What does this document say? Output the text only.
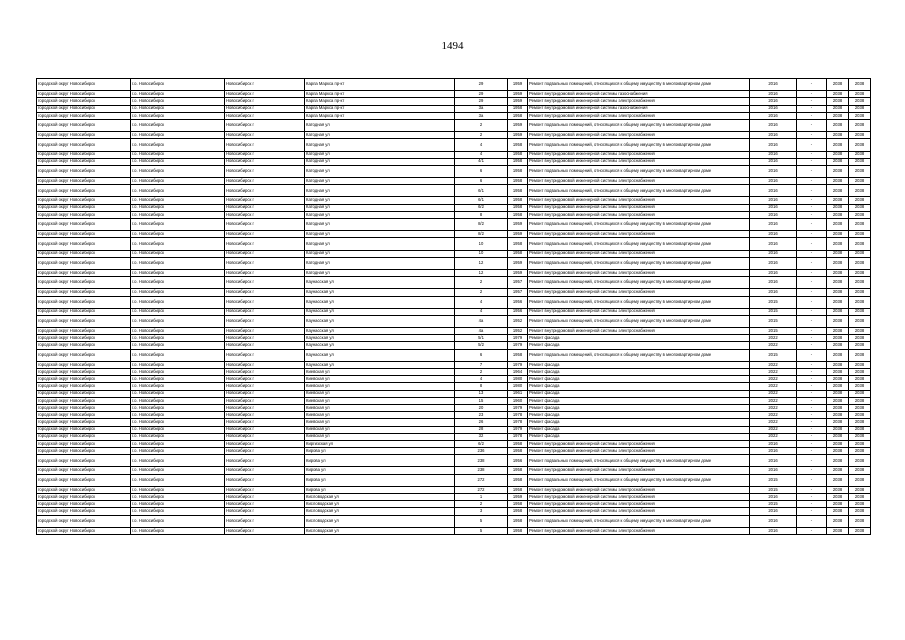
1494
городской округ Новосибирск	г.о. Новосибирск	Новосибирск г	Карла Маркса пр-кт	29	1959	Ремонт подвальных помещений, относящихся к общему имуществу в многоквартирном доме	2016	-	2038	2038
городской округ Новосибирск	г.о. Новосибирск	Новосибирск г	Карла Маркса пр-кт	29	1959	Ремонт внутридомовой инженерной системы газоснабжения	2016	-	2038	2038
городской округ Новосибирск	г.о. Новосибирск	Новосибирск г	Карла Маркса пр-кт	29	1959	Ремонт внутридомовой инженерной системы электроснабжения	2016	-	2038	2038
городской округ Новосибирск	г.о. Новосибирск	Новосибирск г	Карла Маркса пр-кт	3а	1958	Ремонт внутридомовой инженерной системы газоснабжения	2016	-	2038	2038
городской округ Новосибирск	г.о. Новосибирск	Новосибирск г	Карла Маркса пр-кт	3а	1958	Ремонт внутридомовой инженерной системы электроснабжения	2016	-	2038	2038
городской округ Новосибирск	г.о. Новосибирск	Новосибирск г	Катодная ул	2	1959	Ремонт подвальных помещений, относящихся к общему имуществу в многоквартирном доме	2016	-	2038	2038
городской округ Новосибирск	г.о. Новосибирск	Новосибирск г	Катодная ул	2	1959	Ремонт внутридомовой инженерной системы электроснабжения	2016	-	2038	2038
городской округ Новосибирск	г.о. Новосибирск	Новосибирск г	Катодная ул	4	1958	Ремонт подвальных помещений, относящихся к общему имуществу в многоквартирном доме	2016	-	2038	2038
городской округ Новосибирск	г.о. Новосибирск	Новосибирск г	Катодная ул	4	1958	Ремонт внутридомовой инженерной системы электроснабжения	2016	-	2038	2038
городской округ Новосибирск	г.о. Новосибирск	Новосибирск г	Катодная ул	4/1	1958	Ремонт внутридомовой инженерной системы электроснабжения	2016	-	2038	2038
городской округ Новосибирск	г.о. Новосибирск	Новосибирск г	Катодная ул	6	1958	Ремонт подвальных помещений, относящихся к общему имуществу в многоквартирном доме	2016	-	2038	2038
городской округ Новосибирск	г.о. Новосибирск	Новосибирск г	Катодная ул	6	1958	Ремонт внутридомовой инженерной системы электроснабжения	2016	-	2038	2038
городской округ Новосибирск	г.о. Новосибирск	Новосибирск г	Катодная ул	6/1	1958	Ремонт подвальных помещений, относящихся к общему имуществу в многоквартирном доме	2016	-	2038	2038
городской округ Новосибирск	г.о. Новосибирск	Новосибирск г	Катодная ул	6/1	1958	Ремонт внутридомовой инженерной системы электроснабжения	2016	-	2038	2038
городской округ Новосибирск	г.о. Новосибирск	Новосибирск г	Катодная ул	6/2	1958	Ремонт внутридомовой инженерной системы электроснабжения	2016	-	2038	2038
городской округ Новосибирск	г.о. Новосибирск	Новосибирск г	Катодная ул	8	1958	Ремонт внутридомовой инженерной системы электроснабжения	2016	-	2038	2038
городской округ Новосибирск	г.о. Новосибирск	Новосибирск г	Катодная ул	8/2	1959	Ремонт подвальных помещений, относящихся к общему имуществу в многоквартирном доме	2016	-	2038	2038
городской округ Новосибирск	г.о. Новосибирск	Новосибирск г	Катодная ул	8/2	1959	Ремонт внутридомовой инженерной системы электроснабжения	2016	-	2038	2038
городской округ Новосибирск	г.о. Новосибирск	Новосибирск г	Катодная ул	10	1958	Ремонт подвальных помещений, относящихся к общему имуществу в многоквартирном доме	2016	-	2038	2038
городской округ Новосибирск	г.о. Новосибирск	Новосибирск г	Катодная ул	10	1958	Ремонт внутридомовой инженерной системы электроснабжения	2016	-	2038	2038
городской округ Новосибирск	г.о. Новосибирск	Новосибирск г	Катодная ул	12	1959	Ремонт подвальных помещений, относящихся к общему имуществу в многоквартирном доме	2016	-	2038	2038
городской округ Новосибирск	г.о. Новосибирск	Новосибирск г	Катодная ул	12	1959	Ремонт внутридомовой инженерной системы электроснабжения	2016	-	2038	2038
городской округ Новосибирск	г.о. Новосибирск	Новосибирск г	Каунасская ул	2	1957	Ремонт подвальных помещений, относящихся к общему имуществу в многоквартирном доме	2016	-	2038	2038
городской округ Новосибирск	г.о. Новосибирск	Новосибирск г	Каунасская ул	2	1957	Ремонт внутридомовой инженерной системы электроснабжения	2016	-	2038	2038
городской округ Новосибирск	г.о. Новосибирск	Новосибирск г	Каунасская ул	4	1956	Ремонт подвальных помещений, относящихся к общему имуществу в многоквартирном доме	2015	-	2038	2038
городской округ Новосибирск	г.о. Новосибирск	Новосибирск г	Каунасская ул	4	1956	Ремонт внутридомовой инженерной системы электроснабжения	2015	-	2038	2038
городской округ Новосибирск	г.о. Новосибирск	Новосибирск г	Каунасская ул	4а	1952	Ремонт подвальных помещений, относящихся к общему имуществу в многоквартирном доме	2015	-	2038	2038
городской округ Новосибирск	г.о. Новосибирск	Новосибирск г	Каунасская ул	4а	1952	Ремонт внутридомовой инженерной системы электроснабжения	2015	-	2038	2038
городской округ Новосибирск	г.о. Новосибирск	Новосибирск г	Каунасская ул	5/1	1979	Ремонт фасада	2022	-	2038	2038
городской округ Новосибирск	г.о. Новосибирск	Новосибирск г	Каунасская ул	5/2	1979	Ремонт фасада	2022	-	2038	2038
городской округ Новосибирск	г.о. Новосибирск	Новосибирск г	Каунасская ул	6	1958	Ремонт подвальных помещений, относящихся к общему имуществу в многоквартирном доме	2015	-	2038	2038
городской округ Новосибирск	г.о. Новосибирск	Новосибирск г	Каунасская ул	7	1979	Ремонт фасада	2022	-	2038	2038
городской округ Новосибирск	г.о. Новосибирск	Новосибирск г	Киевская ул	2	1964	Ремонт фасада	2022	-	2038	2038
городской округ Новосибирск	г.о. Новосибирск	Новосибирск г	Киевская ул	4	1980	Ремонт фасада	2022	-	2038	2038
городской округ Новосибирск	г.о. Новосибирск	Новосибирск г	Киевская ул	8	1980	Ремонт фасада	2022	-	2038	2038
городской округ Новосибирск	г.о. Новосибирск	Новосибирск г	Киевская ул	13	1961	Ремонт фасада	2022	-	2038	2038
городской округ Новосибирск	г.о. Новосибирск	Новосибирск г	Киевская ул	15	1960	Ремонт фасада	2022	-	2038	2038
городской округ Новосибирск	г.о. Новосибирск	Новосибирск г	Киевская ул	20	1979	Ремонт фасада	2022	-	2038	2038
городской округ Новосибирск	г.о. Новосибирск	Новосибирск г	Киевская ул	23	1978	Ремонт фасада	2022	-	2038	2038
городской округ Новосибирск	г.о. Новосибирск	Новосибирск г	Киевская ул	26	1978	Ремонт фасада	2022	-	2038	2038
городской округ Новосибирск	г.о. Новосибирск	Новосибирск г	Киевская ул	28	1979	Ремонт фасада	2022	-	2038	2038
городской округ Новосибирск	г.о. Новосибирск	Новосибирск г	Киевская ул	32	1978	Ремонт фасада	2022	-	2038	2038
городской округ Новосибирск	г.о. Новосибирск	Новосибирск г	Киргизская ул	6/2	1958	Ремонт внутридомовой инженерной системы электроснабжения	2016	-	2038	2038
городской округ Новосибирск	г.о. Новосибирск	Новосибирск г	Кирова ул	236	1958	Ремонт внутридомовой инженерной системы электроснабжения	2016	-	2038	2038
городской округ Новосибирск	г.о. Новосибирск	Новосибирск г	Кирова ул	238	1956	Ремонт подвальных помещений, относящихся к общему имуществу в многоквартирном доме	2016	-	2038	2038
городской округ Новосибирск	г.о. Новосибирск	Новосибирск г	Кирова ул	238	1958	Ремонт внутридомовой инженерной системы электроснабжения	2016	-	2038	2038
городской округ Новосибирск	г.о. Новосибирск	Новосибирск г	Кирова ул	272	1958	Ремонт подвальных помещений, относящихся к общему имуществу в многоквартирном доме	2015	-	2038	2038
городской округ Новосибирск	г.о. Новосибирск	Новосибирск г	Кирова ул	272	1958	Ремонт внутридомовой инженерной системы электроснабжения	2015	-	2038	2038
городской округ Новосибирск	г.о. Новосибирск	Новосибирск г	Кисловодская ул	1	1959	Ремонт внутридомовой инженерной системы электроснабжения	2016	-	2038	2038
городской округ Новосибирск	г.о. Новосибирск	Новосибирск г	Кисловодская ул	2	1958	Ремонт внутридомовой инженерной системы электроснабжения	2015	-	2038	2038
городской округ Новосибирск	г.о. Новосибирск	Новосибирск г	Кисловодская ул	3	1958	Ремонт внутридомовой инженерной системы электроснабжения	2016	-	2038	2038
городской округ Новосибирск	г.о. Новосибирск	Новосибирск г	Кисловодская ул	5	1958	Ремонт подвальных помещений, относящихся к общему имуществу в многоквартирном доме	2016	-	2038	2038
городской округ Новосибирск	г.о. Новосибирск	Новосибирск г	Кисловодская ул	5	1958	Ремонт внутридомовой инженерной системы электроснабжения	2016	-	2038	2038
